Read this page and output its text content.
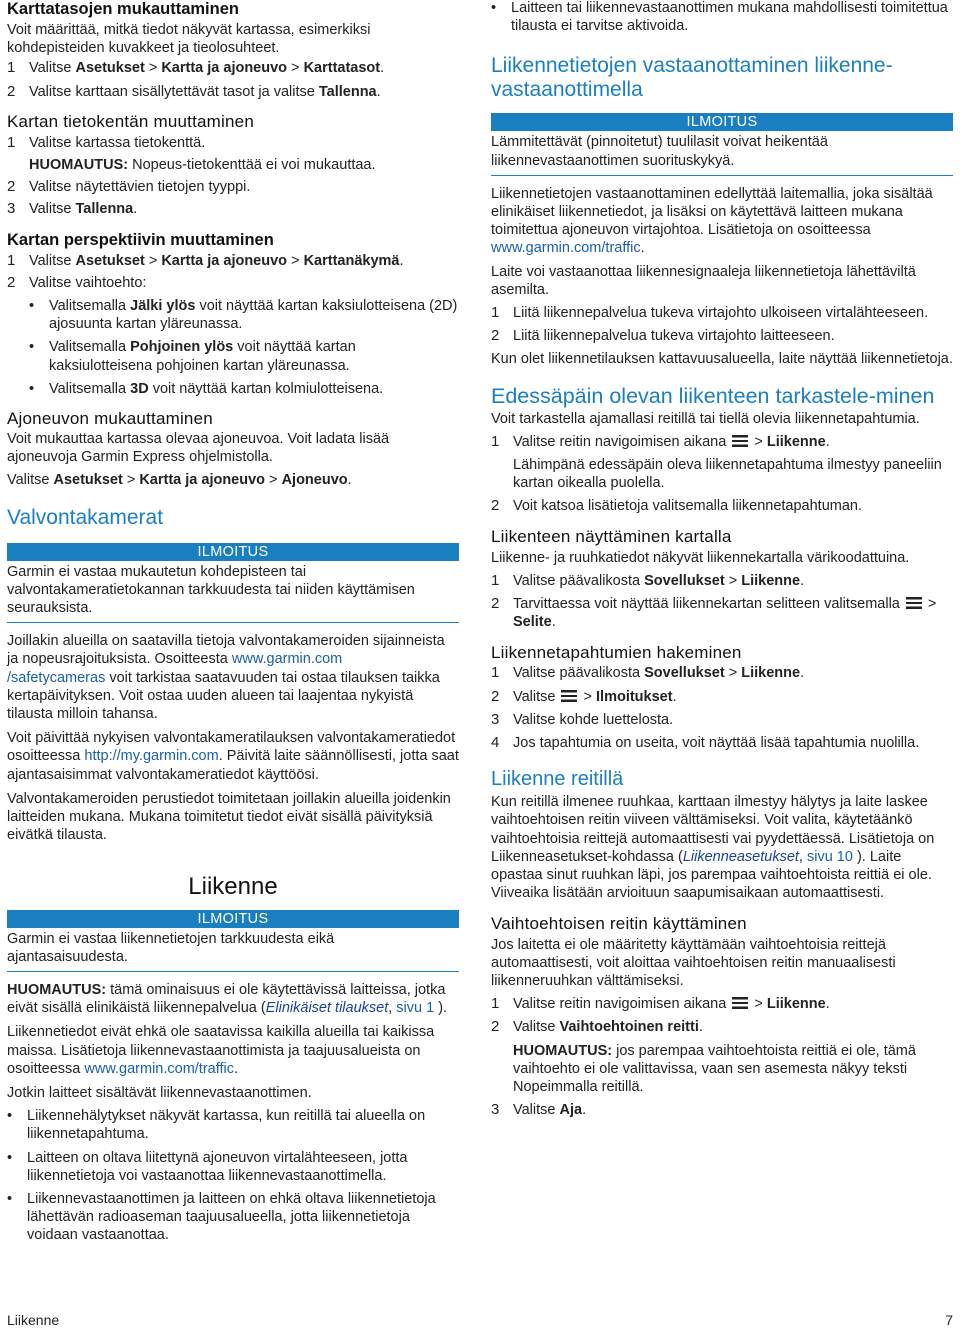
Karttatasojen mukauttaminen
Voit määrittää, mitkä tiedot näkyvät kartassa, esimerkiksi kohdepisteiden kuvakkeet ja tieolosuhteet.
1 Valitse Asetukset > Kartta ja ajoneuvo > Karttatasot.
2 Valitse karttaan sisällytettävät tasot ja valitse Tallenna.
Kartan tietokentän muuttaminen
1 Valitse kartassa tietokenttä.
HUOMAUTUS: Nopeus-tietokenttää ei voi mukauttaa.
2 Valitse näytettävien tietojen tyyppi.
3 Valitse Tallenna.
Kartan perspektiivin muuttaminen
1 Valitse Asetukset > Kartta ja ajoneuvo > Karttanäkymä.
2 Valitse vaihtoehto:
•	Valitsemalla Jälki ylös voit näyttää kartan kaksiulotteisena (2D) ajosuunta kartan yläreunassa.
•	Valitsemalla Pohjoinen ylös voit näyttää kartan kaksiulotteisena pohjoinen kartan yläreunassa.
•	Valitsemalla 3D voit näyttää kartan kolmiulotteisena.
Ajoneuvon mukauttaminen
Voit mukauttaa kartassa olevaa ajoneuvoa. Voit ladata lisää ajoneuvoja Garmin Express ohjelmistolla.
Valitse Asetukset > Kartta ja ajoneuvo > Ajoneuvo.
Valvontakamerat
ILMOITUS
Garmin ei vastaa mukautetun kohdepisteen tai valvontakameratietokannan tarkkuudesta tai niiden käyttämisen seurauksista.
Joillakin alueilla on saatavilla tietoja valvontakameroiden sijainneista ja nopeusrajoituksista. Osoitteesta www.garmin.com
/safetycameras voit tarkistaa saatavuuden tai ostaa tilauksen taikka kertapäivityksen. Voit ostaa uuden alueen tai laajentaa nykyistä tilausta milloin tahansa.
Voit päivittää nykyisen valvontakameratilauksen valvontakameratiedot osoitteessa http://my.garmin.com. Päivitä laite säännöllisesti, jotta saat ajantasaisimmat valvontakameratiedot käyttöösi.
Valvontakameroiden perustiedot toimitetaan joillakin alueilla joidenkin laitteiden mukana. Mukana toimitetut tiedot eivät sisällä päivityksiä eivätkä tilausta.
Liikenne
ILMOITUS
Garmin ei vastaa liikennetietojen tarkkuudesta eikä ajantasaisuudesta.
HUOMAUTUS: tämä ominaisuus ei ole käytettävissä laitteissa, jotka eivät sisällä elinikäistä liikennepalvelua (Elinikäiset tilaukset, sivu 1 ).
Liikennetiedot eivät ehkä ole saatavissa kaikilla alueilla tai kaikissa maissa. Lisätietoja liikennevastaanottimista ja taajuusalueista on osoitteessa www.garmin.com/traffic.
Jotkin laitteet sisältävät liikennevastaanottimen.
•	Liikennehälytykset näkyvät kartassa, kun reitillä tai alueella on liikennetapahtuma.
•	Laitteen on oltava liitettynä ajoneuvon virtalähteeseen, jotta liikennetietoja voi vastaanottaa liikennevastaanottimella.
•	Liikennevastaanottimen ja laitteen on ehkä oltava liikennetietoja lähettävän radioaseman taajuusalueella, jotta liikennetietoja voidaan vastaanottaa.
•	Laitteen tai liikennevastaanottimen mukana mahdollisesti toimitettua tilausta ei tarvitse aktivoida.
Liikennetietojen vastaanottaminen liikenne-vastaanottimella
ILMOITUS
Lämmitettävät (pinnoitetut) tuulilasit voivat heikentää liikennevastaanottimen suorituskykyä.
Liikennetietojen vastaanottaminen edellyttää laitemallia, joka sisältää elinikäiset liikennetiedot, ja lisäksi on käytettävä laitteen mukana toimitettua ajoneuvon virtajohtoa. Lisätietoja on osoitteessa www.garmin.com/traffic.
Laite voi vastaanottaa liikennesignaaleja liikennetietoja lähettäviltä asemilta.
1 Liitä liikennepalvelua tukeva virtajohto ulkoiseen virtalähteeseen.
2 Liitä liikennepalvelua tukeva virtajohto laitteeseen.
Kun olet liikennetilauksen kattavuusalueella, laite näyttää liikennetietoja.
Edessäpäin olevan liikenteen tarkastele-minen
Voit tarkastella ajamallasi reitillä tai tiellä olevia liikennetapahtumia.
1 Valitse reitin navigoimisen aikana  > Liikenne.
Lähimpänä edessäpäin oleva liikennetapahtuma ilmestyy paneeliin kartan oikealla puolella.
2 Voit katsoa lisätietoja valitsemalla liikennetapahtuman.
Liikenteen näyttäminen kartalla
Liikenne- ja ruuhkatiedot näkyvät liikennekartalla värikoodattuina.
1 Valitse päävalikosta Sovellukset > Liikenne.
2 Tarvittaessa voit näyttää liikennekartan selitteen valitsemalla  > Selite.
Liikennetapahtumien hakeminen
1 Valitse päävalikosta Sovellukset > Liikenne.
2 Valitse  > Ilmoitukset.
3 Valitse kohde luettelosta.
4 Jos tapahtumia on useita, voit näyttää lisää tapahtumia nuolilla.
Liikenne reitillä
Kun reitillä ilmenee ruuhkaa, karttaan ilmestyy hälytys ja laite laskee vaihtoehtoisen reitin viiveen välttämiseksi. Voit valita, käytetäänkö vaihtoehtoisia reittejä automaattisesti vai pyydettäessä. Lisätietoja on Liikenneasetukset-kohdassa (Liikenneasetukset, sivu 10 ). Laite opastaa sinut ruuhkan läpi, jos parempaa vaihtoehtoista reittiä ei ole. Viiveaika lisätään arvioituun saapumisaikaan automaattisesti.
Vaihtoehtoisen reitin käyttäminen
Jos laitetta ei ole määritetty käyttämään vaihtoehtoisia reittejä automaattisesti, voit aloittaa vaihtoehtoisen reitin manuaalisesti liikenneruuhkan välttämiseksi.
1 Valitse reitin navigoimisen aikana  > Liikenne.
2 Valitse Vaihtoehtoinen reitti.
HUOMAUTUS: jos parempaa vaihtoehtoista reittiä ei ole, tämä vaihtoehto ei ole valittavissa, vaan sen asemesta näkyy teksti Nopeimmalla reitillä.
3 Valitse Aja.
Liikenne	7
